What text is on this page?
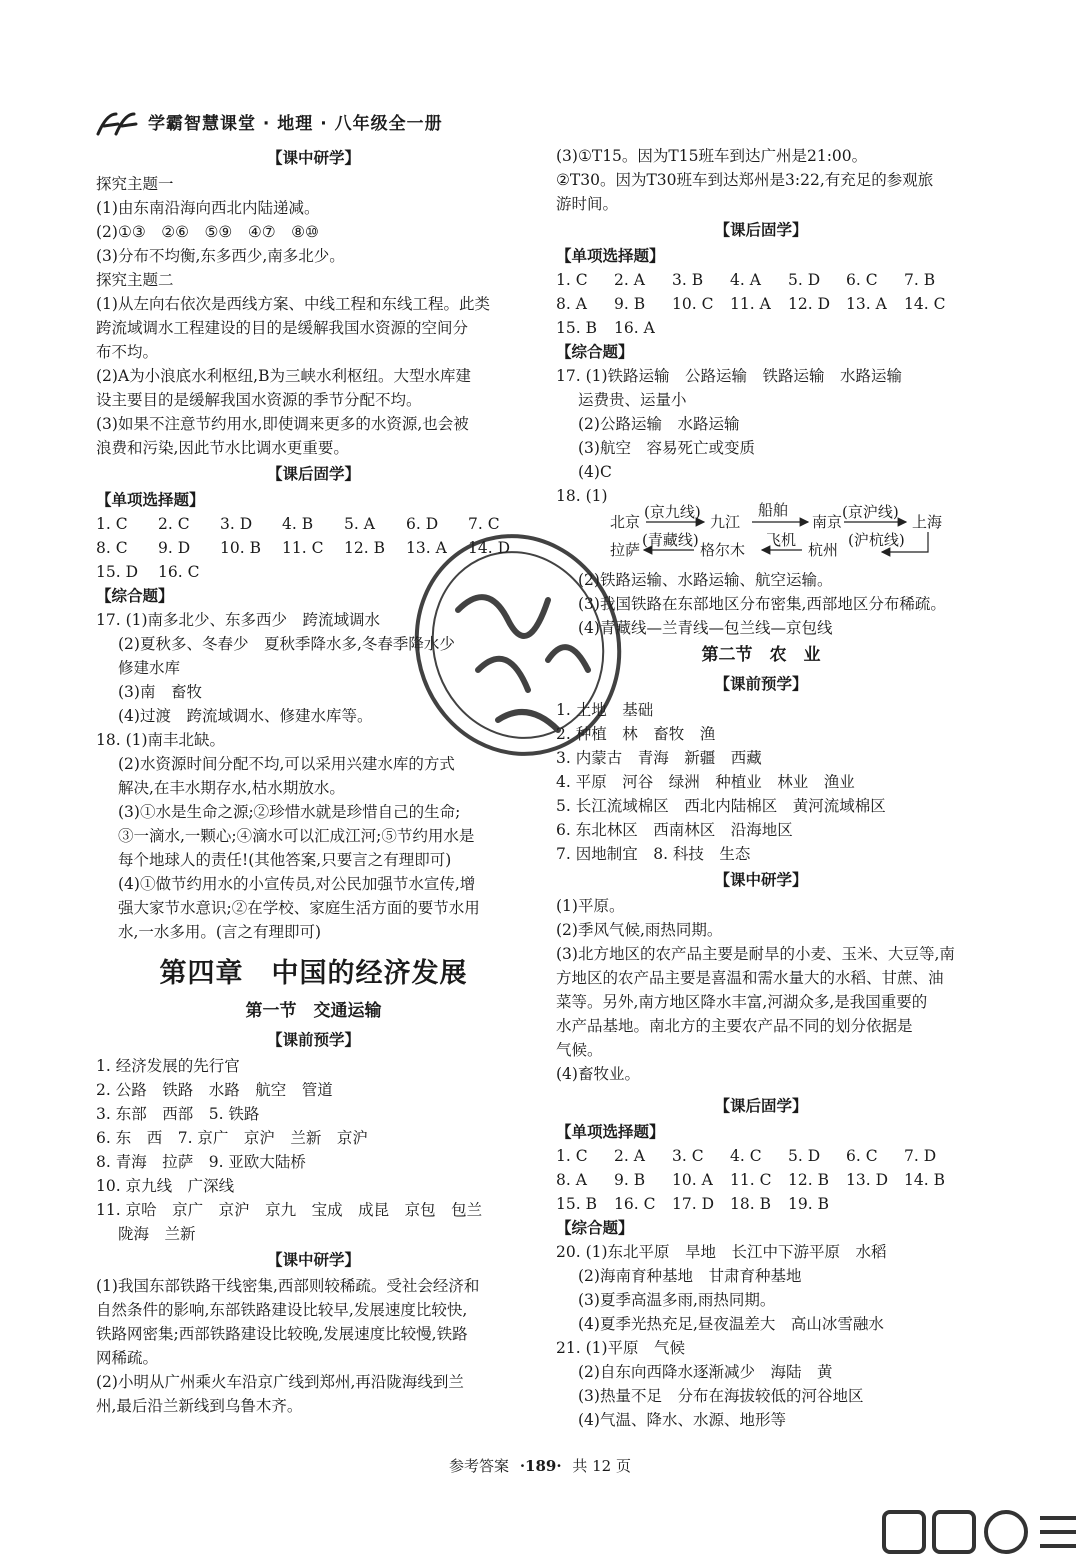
学霸智慧课堂 · 地理 · 八年级全一册
【课中研学】
探究主题一
(1)由东南沿海向西北内陆递减。
(2)①③　②⑥　⑤⑨　④⑦　⑧⑩
(3)分布不均衡,东多西少,南多北少。
探究主题二
(1)从左向右依次是西线方案、中线工程和东线工程。此类
跨流域调水工程建设的目的是缓解我国水资源的空间分
布不均。
(2)A为小浪底水利枢纽,B为三峡水利枢纽。大型水库建
设主要目的是缓解我国水资源的季节分配不均。
(3)如果不注意节约用水,即使调来更多的水资源,也会被
浪费和污染,因此节水比调水更重要。
【课后固学】
【单项选择题】
1. C	2. C	3. D	4. B	5. A	6. D	7. C
8. C	9. D	10. B	11. C	12. B	13. A	14. D
15. D	16. C
【综合题】
17. (1)南多北少、东多西少　跨流域调水
(2)夏秋多、冬春少　夏秋季降水多,冬春季降水少
修建水库
(3)南　畜牧
(4)过渡　跨流域调水、修建水库等。
18. (1)南丰北缺。
(2)水资源时间分配不均,可以采用兴建水库的方式
解决,在丰水期存水,枯水期放水。
(3)①水是生命之源;②珍惜水就是珍惜自己的生命;
③一滴水,一颗心;④滴水可以汇成江河;⑤节约用水是
每个地球人的责任!(其他答案,只要言之有理即可)
(4)①做节约用水的小宣传员,对公民加强节水宣传,增
强大家节水意识;②在学校、家庭生活方面的要节水用
水,一水多用。(言之有理即可)
第四章　中国的经济发展
第一节　交通运输
【课前预学】
1. 经济发展的先行官
2. 公路　铁路　水路　航空　管道
3. 东部　西部　5. 铁路
6. 东　西　7. 京广　京沪　兰新　京沪
8. 青海　拉萨　9. 亚欧大陆桥
10. 京九线　广深线
11. 京哈　京广　京沪　京九　宝成　成昆　京包　包兰
陇海　兰新
【课中研学】
(1)我国东部铁路干线密集,西部则较稀疏。受社会经济和
自然条件的影响,东部铁路建设比较早,发展速度比较快,
铁路网密集;西部铁路建设比较晚,发展速度比较慢,铁路
网稀疏。
(2)小明从广州乘火车沿京广线到郑州,再沿陇海线到兰
州,最后沿兰新线到乌鲁木齐。
(3)①T15。因为T15班车到达广州是21:00。
②T30。因为T30班车到达郑州是3:22,有充足的参观旅
游时间。
【课后固学】
【单项选择题】
1. C	2. A	3. B	4. A	5. D	6. C	7. B
8. A	9. B	10. C	11. A	12. D	13. A	14. C
15. B	16. A
【综合题】
17. (1)铁路运输　公路运输　铁路运输　水路运输
运费贵、运量小
(2)公路运输　水路运输
(3)航空　容易死亡或变质
(4)C
18. (1)
北京
(京九线)
九江
船舶
南京
(京沪线)
上海
拉萨
(青藏线)
格尔木
飞机
杭州
(沪杭线)
(2)铁路运输、水路运输、航空运输。
(3)我国铁路在东部地区分布密集,西部地区分布稀疏。
(4)青藏线—兰青线—包兰线—京包线
第二节　农　业
【课前预学】
1. 土地　基础
2. 种植　林　畜牧　渔
3. 内蒙古　青海　新疆　西藏
4. 平原　河谷　绿洲　种植业　林业　渔业
5. 长江流域棉区　西北内陆棉区　黄河流域棉区
6. 东北林区　西南林区　沿海地区
7. 因地制宜　8. 科技　生态
【课中研学】
(1)平原。
(2)季风气候,雨热同期。
(3)北方地区的农产品主要是耐旱的小麦、玉米、大豆等,南
方地区的农产品主要是喜温和需水量大的水稻、甘蔗、油
菜等。另外,南方地区降水丰富,河湖众多,是我国重要的
水产品基地。南北方的主要农产品不同的划分依据是
气候。
(4)畜牧业。
【课后固学】
【单项选择题】
1. C	2. A	3. C	4. C	5. D	6. C	7. D
8. A	9. B	10. A	11. C	12. B	13. D	14. B
15. B	16. C	17. D	18. B	19. B
【综合题】
20. (1)东北平原　旱地　长江中下游平原　水稻
(2)海南育种基地　甘肃育种基地
(3)夏季高温多雨,雨热同期。
(4)夏季光热充足,昼夜温差大　高山冰雪融水
21. (1)平原　气候
(2)自东向西降水逐渐减少　海陆　黄
(3)热量不足　分布在海拔较低的河谷地区
(4)气温、降水、水源、地形等
参考答案 ·189· 共 12 页
